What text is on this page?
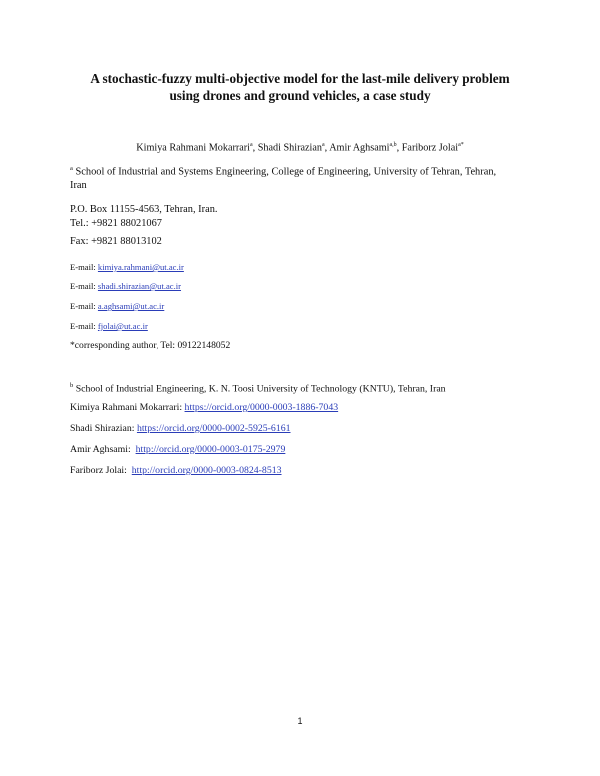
A stochastic-fuzzy multi-objective model for the last-mile delivery problem
using drones and ground vehicles, a case study
Kimiya Rahmani Mokarrari$^a$, Shadi Shirazian$^a$, Amir Aghsami$^{a,b}$, Fariborz Jolai$^{a*}$
$^a$ School of Industrial and Systems Engineering, College of Engineering, University of Tehran, Tehran,
Iran
P.O. Box 11155-4563, Tehran, Iran.
Tel.: +9821 88021067
Fax: +9821 88013102
E-mail: kimiya.rahmani@ut.ac.ir
E-mail: shadi.shirazian@ut.ac.ir
E-mail: a.aghsami@ut.ac.ir
E-mail: fjolai@ut.ac.ir
*corresponding author, Tel: 09122148052
$^b$ School of Industrial Engineering, K. N. Toosi University of Technology (KNTU), Tehran, Iran
Kimiya Rahmani Mokarrari: https://orcid.org/0000-0003-1886-7043
Shadi Shirazian: https://orcid.org/0000-0002-5925-6161
Amir Aghsami:  http://orcid.org/0000-0003-0175-2979
Fariborz Jolai:  http://orcid.org/0000-0003-0824-8513
1
